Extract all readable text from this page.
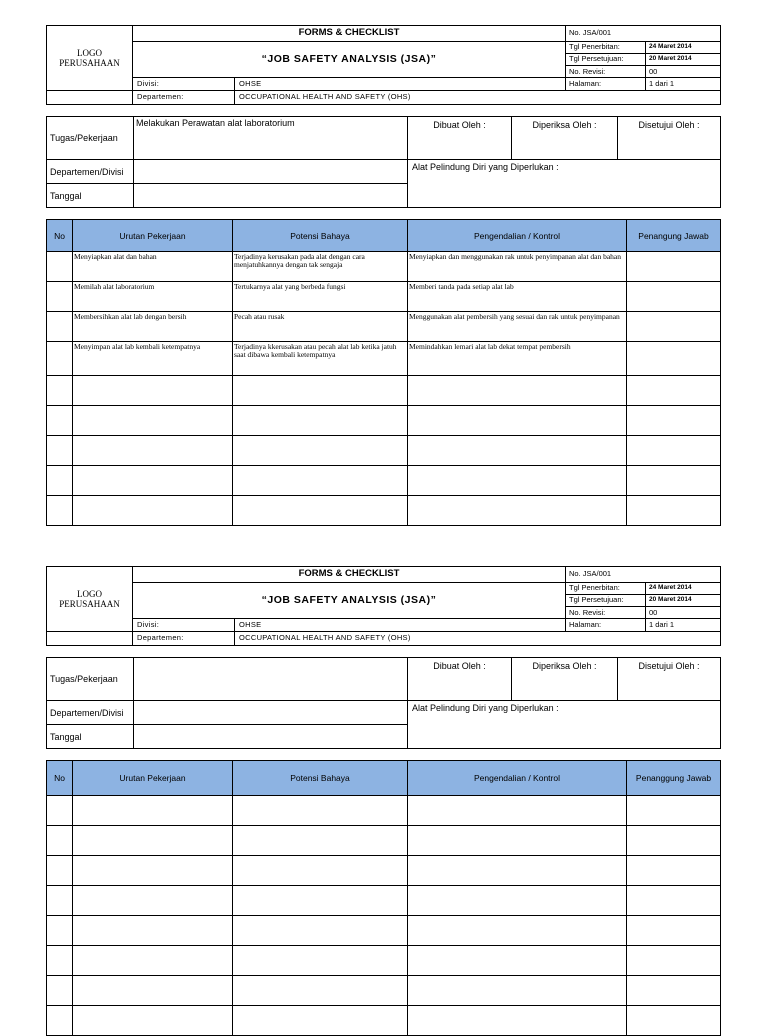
LOGO PERUSAHAAN	FORMS & CHECKLIST		No. JSA/001	
	“JOB SAFETY ANALYSIS (JSA)”		Tgl Penerbitan:	24 Maret 2014
			Tgl Persetujuan:	20 Maret 2014
			No. Revisi:	00
	Divisi:	OHSE	Halaman:	1 dari 1
	Departemen:	OCCUPATIONAL HEALTH AND SAFETY (OHS)		
Tugas/Pekerjaan	Melakukan Perawatan alat laboratorium	Dibuat Oleh :	Diperiksa Oleh :	Disetujui Oleh :
Departemen/Divisi		Alat Pelindung Diri yang Diperlukan :		
Tanggal				
No	Urutan Pekerjaan	Potensi Bahaya	Pengendalian / Kontrol	Penangung Jawab
	Menyiapkan alat dan bahan	Terjadinya kerusakan pada alat dengan cara menjatuhkannya dengan tak sengaja	Menyiapkan dan menggunakan rak untuk penyimpanan alat dan bahan	
	Memilah alat laboratorium	Tertukarnya alat yang berbeda fungsi	Memberi tanda pada setiap alat lab	
	Membersihkan alat lab dengan bersih	Pecah atau rusak	Menggunakan alat pembersih yang sesuai dan rak untuk penyimpanan	
	Menyimpan alat lab kembali ketempatnya	Terjadinya kkerusakan atau pecah alat lab ketika jatuh saat dibawa kembali ketempatnya	Memindahkan lemari alat lab dekat tempat pembersih	

LOGO PERUSAHAAN	FORMS & CHECKLIST		No. JSA/001	
	“JOB SAFETY ANALYSIS (JSA)”		Tgl Penerbitan:	24 Maret 2014
			Tgl Persetujuan:	20 Maret 2014
			No. Revisi:	00
	Divisi:	OHSE	Halaman:	1 dari 1
	Departemen:	OCCUPATIONAL HEALTH AND SAFETY (OHS)		
Tugas/Pekerjaan		Dibuat Oleh :	Diperiksa Oleh :	Disetujui Oleh :
Departemen/Divisi		Alat Pelindung Diri yang Diperlukan :		
Tanggal				
No	Urutan Pekerjaan	Potensi Bahaya	Pengendalian / Kontrol	Penanggung Jawab
